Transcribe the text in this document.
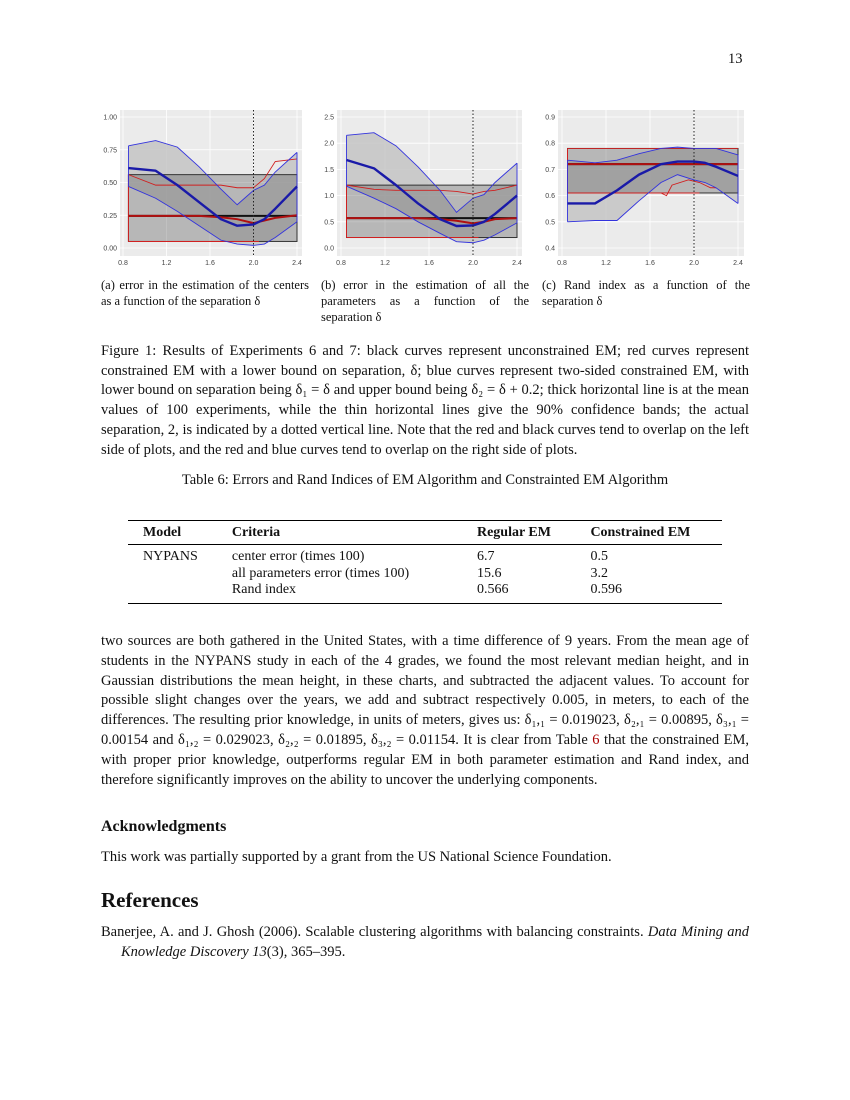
13
0.8	1.2	1.6	2.0	2.4
0.00
0.25
0.50
0.75
1.00
0.8	1.2	1.6	2.0	2.4
0.0
0.5
1.0
1.5
2.0
2.5
0.8	1.2	1.6	2.0	2.4
0.4
0.5
0.6
0.7
0.8
0.9
(a) error in the estimation of the centers as a function of the separation δ
(b) error in the estimation of all the parameters as a function of the separation δ
(c) Rand index as a function of the separation δ
Figure 1: Results of Experiments 6 and 7: black curves represent unconstrained EM; red curves represent constrained EM with a lower bound on separation, δ; blue curves represent two-sided constrained EM, with lower bound on separation being δ₁ = δ and upper bound being δ₂ = δ + 0.2; thick horizontal line is at the mean values of 100 experiments, while the thin horizontal lines give the 90% confidence bands; the actual separation, 2, is indicated by a dotted vertical line. Note that the red and black curves tend to overlap on the left side of plots, and the red and blue curves tend to overlap on the right side of plots.
Table 6: Errors and Rand Indices of EM Algorithm and Constrainted EM Algorithm
Model	Criteria	Regular EM	Constrained EM
NYPANS	center error (times 100)	6.7	0.5
	all parameters error (times 100)	15.6	3.2
	Rand index	0.566	0.596
two sources are both gathered in the United States, with a time difference of 9 years. From the mean age of students in the NYPANS study in each of the 4 grades, we found the most relevant median height, and in Gaussian distributions the mean height, in these charts, and subtracted the adjacent values. To account for possible slight changes over the years, we add and subtract respectively 0.005, in meters, to each of the differences. The resulting prior knowledge, in units of meters, gives us: δ₁,₁ = 0.019023, δ₂,₁ = 0.00895, δ₃,₁ = 0.00154 and δ₁,₂ = 0.029023, δ₂,₂ = 0.01895, δ₃,₂ = 0.01154. It is clear from Table 6 that the constrained EM, with proper prior knowledge, outperforms regular EM in both parameter estimation and Rand index, and therefore significantly improves on the ability to uncover the underlying components.
Acknowledgments
This work was partially supported by a grant from the US National Science Foundation.
References
Banerjee, A. and J. Ghosh (2006). Scalable clustering algorithms with balancing constraints. Data Mining and Knowledge Discovery 13(3), 365–395.
